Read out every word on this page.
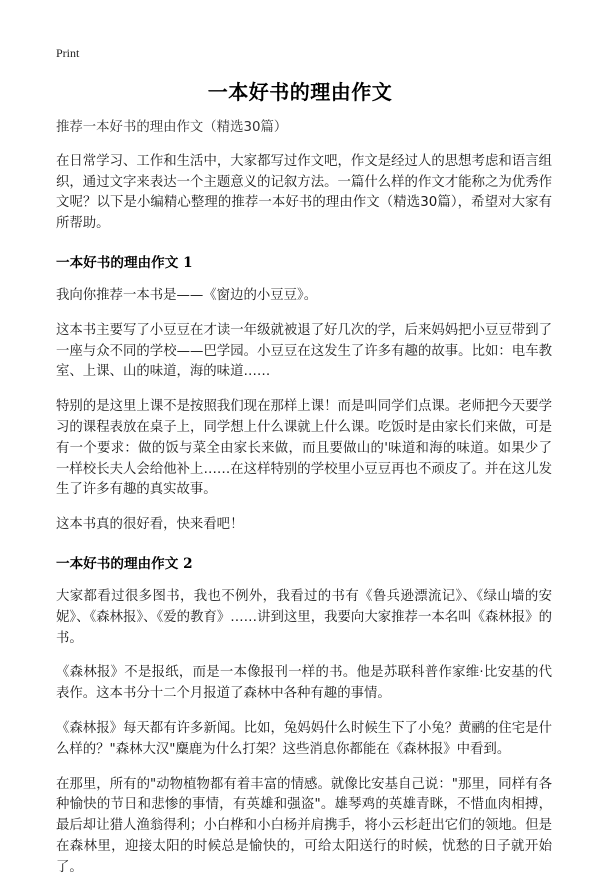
Print
一本好书的理由作文

推荐一本好书的理由作文（精选30篇）

在日常学习、工作和生活中，大家都写过作文吧，作文是经过人的思想考虑和语言组织，通过文字来表达一个主题意义的记叙方法。一篇什么样的作文才能称之为优秀作文呢？以下是小编精心整理的推荐一本好书的理由作文（精选30篇），希望对大家有所帮助。

一本好书的理由作文 1

我向你推荐一本书是——《窗边的小豆豆》。

这本书主要写了小豆豆在才读一年级就被退了好几次的学，后来妈妈把小豆豆带到了一座与众不同的学校——巴学园。小豆豆在这发生了许多有趣的故事。比如：电车教室、上课、山的味道，海的味道……

特别的是这里上课不是按照我们现在那样上课！而是叫同学们点课。老师把今天要学习的课程表放在桌子上，同学想上什么课就上什么课。吃饭时是由家长们来做，可是有一个要求：做的饭与菜全由家长来做，而且要做山的'味道和海的味道。如果少了一样校长夫人会给他补上……在这样特别的学校里小豆豆再也不顽皮了。并在这儿发生了许多有趣的真实故事。

这本书真的很好看，快来看吧！

一本好书的理由作文 2

大家都看过很多图书，我也不例外，我看过的书有《鲁兵逊漂流记》、《绿山墙的安妮》、《森林报》、《爱的教育》……讲到这里，我要向大家推荐一本名叫《森林报》的书。

《森林报》不是报纸，而是一本像报刊一样的书。他是苏联科普作家维·比安基的代表作。这本书分十二个月报道了森林中各种有趣的事情。

《森林报》每天都有许多新闻。比如，兔妈妈什么时候生下了小兔？黄鹂的住宅是什么样的？"森林大汉"麋鹿为什么打架？这些消息你都能在《森林报》中看到。

在那里，所有的"动物植物都有着丰富的情感。就像比安基自己说："那里，同样有各种愉快的节日和悲惨的事情，有英雄和强盗"。雄琴鸡的英雄青眯，不惜血肉相搏，最后却让猎人渔翁得利；小白桦和小白杨并肩携手，将小云杉赶出它们的领地。但是在森林里，迎接太阳的时候总是愉快的，可给太阳送行的时候，忧愁的日子就开始了。
